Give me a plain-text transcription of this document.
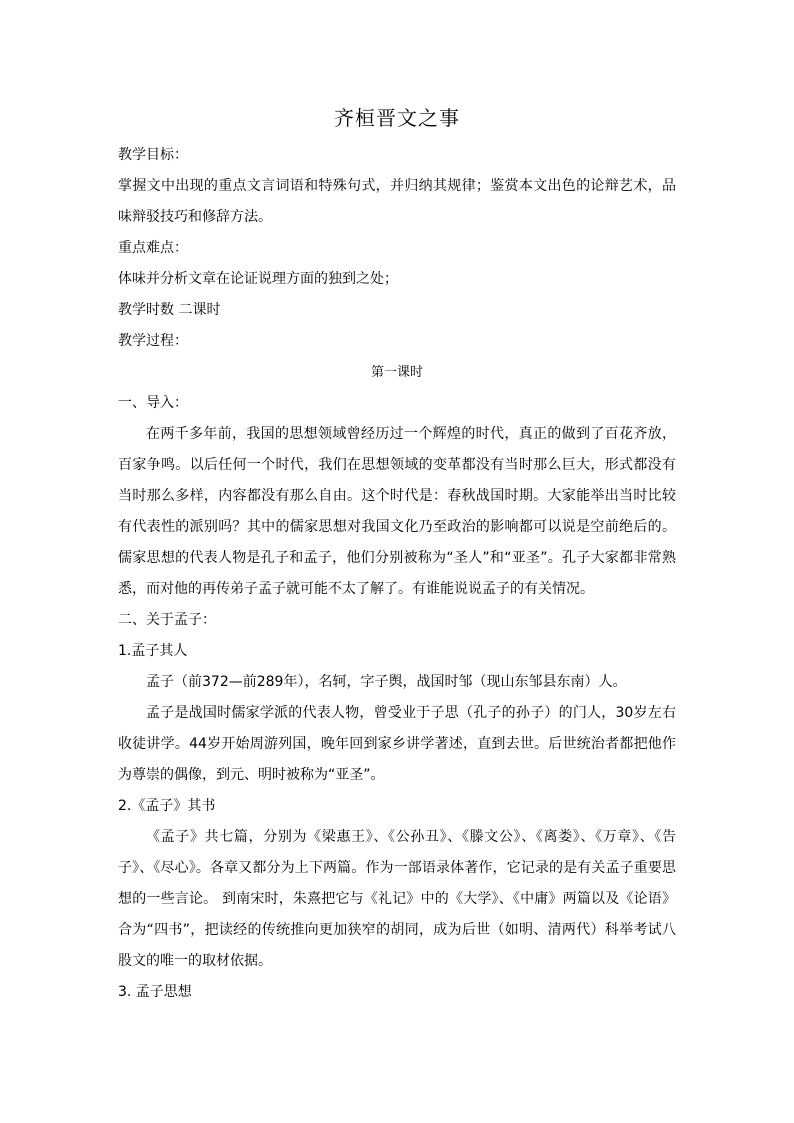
齐桓晋文之事
教学目标：
掌握文中出现的重点文言词语和特殊句式，并归纳其规律；鉴赏本文出色的论辩艺术，品味辩驳技巧和修辞方法。
重点难点：
体味并分析文章在论证说理方面的独到之处；
教学时数 二课时
教学过程：
第一课时
一、导入：
在两千多年前，我国的思想领域曾经历过一个辉煌的时代，真正的做到了百花齐放，百家争鸣。以后任何一个时代，我们在思想领域的变革都没有当时那么巨大，形式都没有当时那么多样，内容都没有那么自由。这个时代是：春秋战国时期。大家能举出当时比较有代表性的派别吗？其中的儒家思想对我国文化乃至政治的影响都可以说是空前绝后的。儒家思想的代表人物是孔子和孟子，他们分别被称为“圣人”和“亚圣”。孔子大家都非常熟悉，而对他的再传弟子孟子就可能不太了解了。有谁能说说孟子的有关情况。
二、关于孟子：
1.孟子其人
孟子（前372—前289年），名轲，字子舆，战国时邹（现山东邹县东南）人。
孟子是战国时儒家学派的代表人物，曾受业于子思（孔子的孙子）的门人，30岁左右收徒讲学。44岁开始周游列国，晚年回到家乡讲学著述，直到去世。后世统治者都把他作为尊崇的偶像，到元、明时被称为“亚圣”。
2.《孟子》其书
《孟子》共七篇，分别为《梁惠王》、《公孙丑》、《滕文公》、《离娄》、《万章》、《告子》、《尽心》。各章又都分为上下两篇。作为一部语录体著作，它记录的是有关孟子重要思想的一些言论。 到南宋时，朱熹把它与《礼记》中的《大学》、《中庸》两篇以及《论语》合为“四书”，把读经的传统推向更加狭窄的胡同，成为后世（如明、清两代）科举考试八股文的唯一的取材依据。
3. 孟子思想
